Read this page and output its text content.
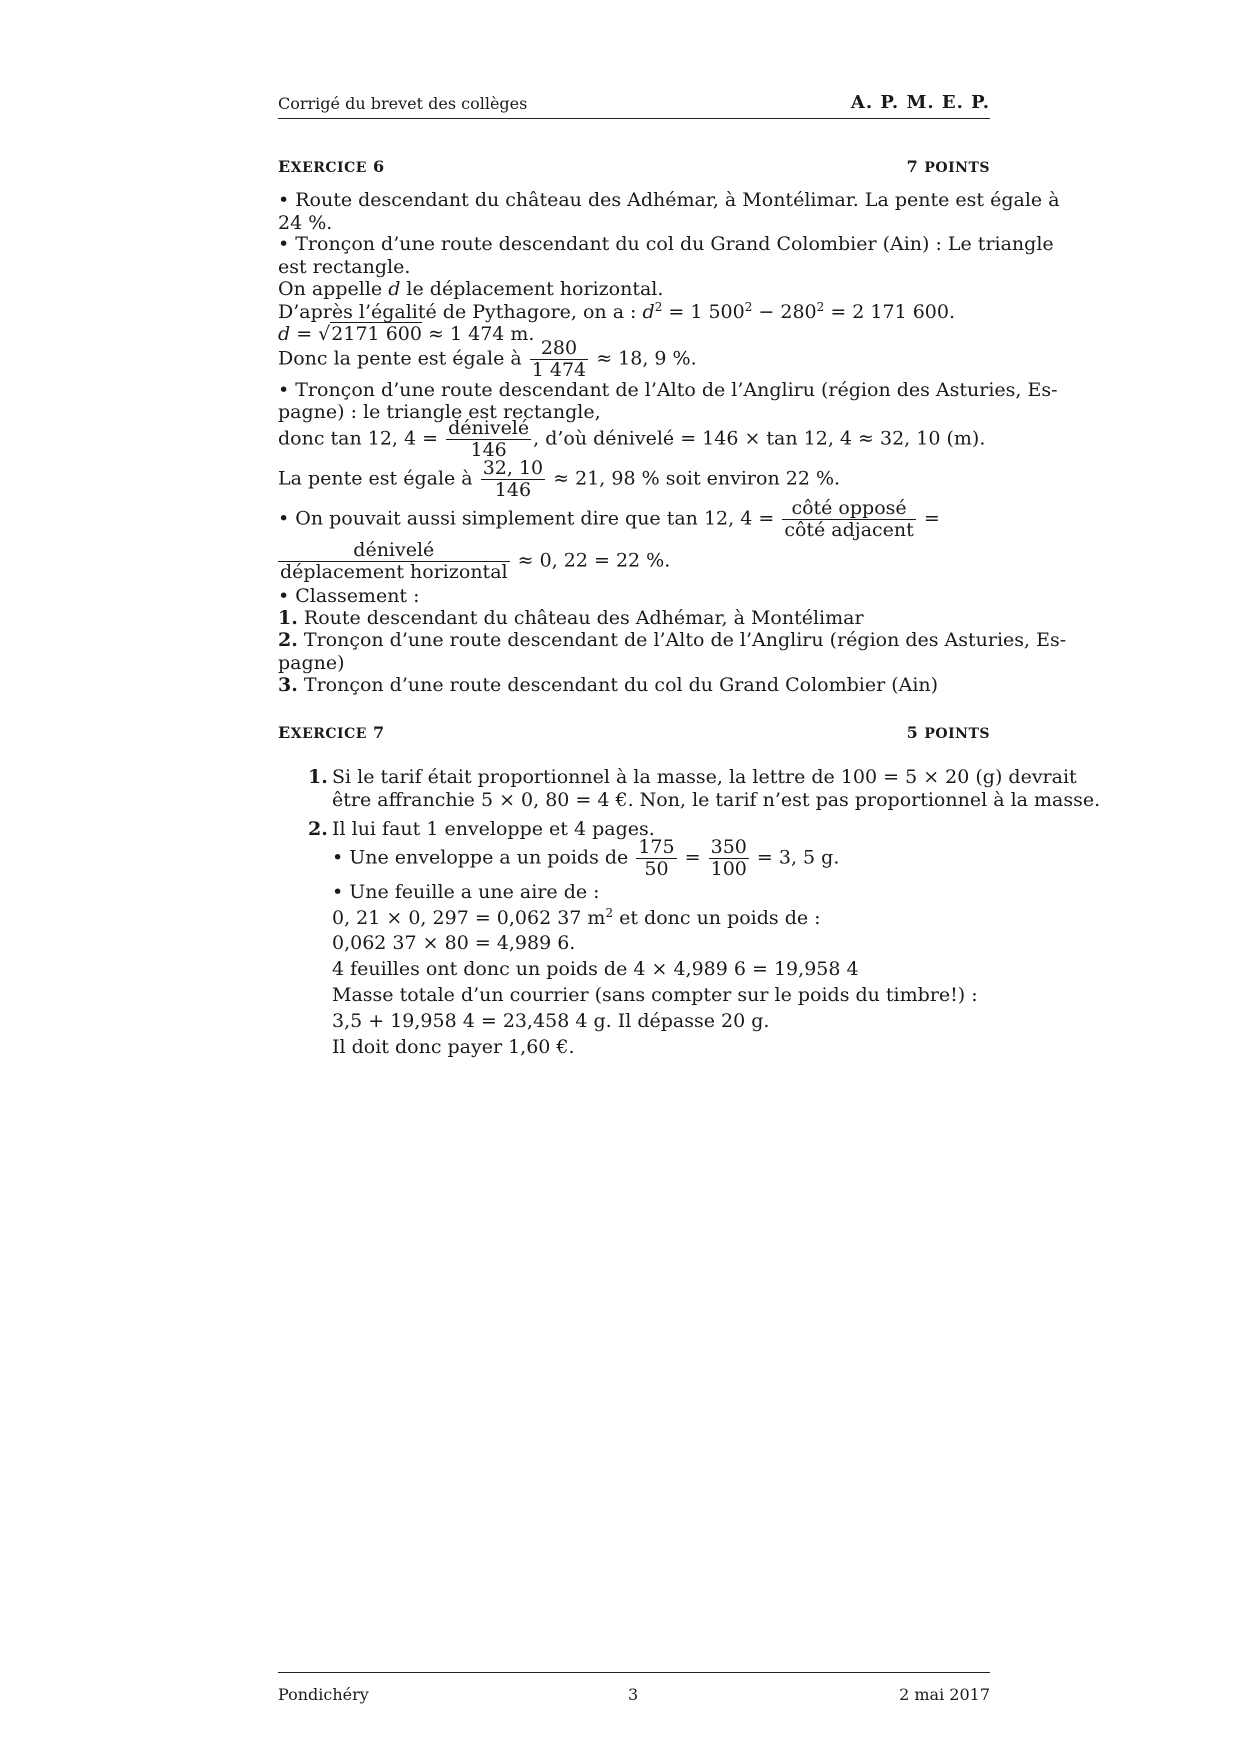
Corrigé du brevet des collèges	A. P. M. E. P.
EXERCICE 6	7 POINTS
• Route descendant du château des Adhémar, à Montélimar. La pente est égale à
24 %.
• Tronçon d’une route descendant du col du Grand Colombier (Ain) : Le triangle
est rectangle.
On appelle d le déplacement horizontal.
D’après l’égalité de Pythagore, on a : $d^2 = 1$ $500^2 - 280^2 = 2$ 171 600.
d = √2171 600 ≈ 1 474 m.
Donc la pente est égale à $\frac{280}{1 474} \approx 18$, 9 %.
• Tronçon d’une route descendant de l’Alto de l’Angliru (région des Asturies, Es-
pagne) : le triangle est rectangle,
donc tan 12, $4 = \frac{\text{dénivelé}}{146}$ , d’où dénivelé = 146 × tan 12, 4 ≈ 32, 10 (m).
La pente est égale à $\frac{32, 10}{146} \approx 21$, 98 % soit environ 22 %.
• On pouvait aussi simplement dire que tan 12, $4 = \frac{\text{côté opposé}}{\text{côté adjacent}}$ =
$\frac{\text{dénivelé}}{\text{déplacement horizontal}} \approx 0$, 22 = 22 %.
• Classement :
1. Route descendant du château des Adhémar, à Montélimar
2. Tronçon d’une route descendant de l’Alto de l’Angliru (région des Asturies, Es-
pagne)
3. Tronçon d’une route descendant du col du Grand Colombier (Ain)
EXERCICE 7	5 POINTS
1. Si le tarif était proportionnel à la masse, la lettre de 100 = 5 × 20 (g) devrait
être affranchie 5 × 0, 80 = 4 €. Non, le tarif n’est pas proportionnel à la masse.
2. Il lui faut 1 enveloppe et 4 pages.
• Une enveloppe a un poids de $\frac{175}{50} = \frac{350}{100} = 3$, 5 g.
• Une feuille a une aire de :
0, 21 × 0, 297 = 0,062 37 $m^2$ et donc un poids de :
0,062 37 × 80 = 4,989 6.
4 feuilles ont donc un poids de 4 × 4,989 6 = 19,958 4
Masse totale d’un courrier (sans compter sur le poids du timbre!) :
3,5 + 19,958 4 = 23,458 4 g. Il dépasse 20 g.
Il doit donc payer 1,60 €.
Pondichéry	3	2 mai 2017
